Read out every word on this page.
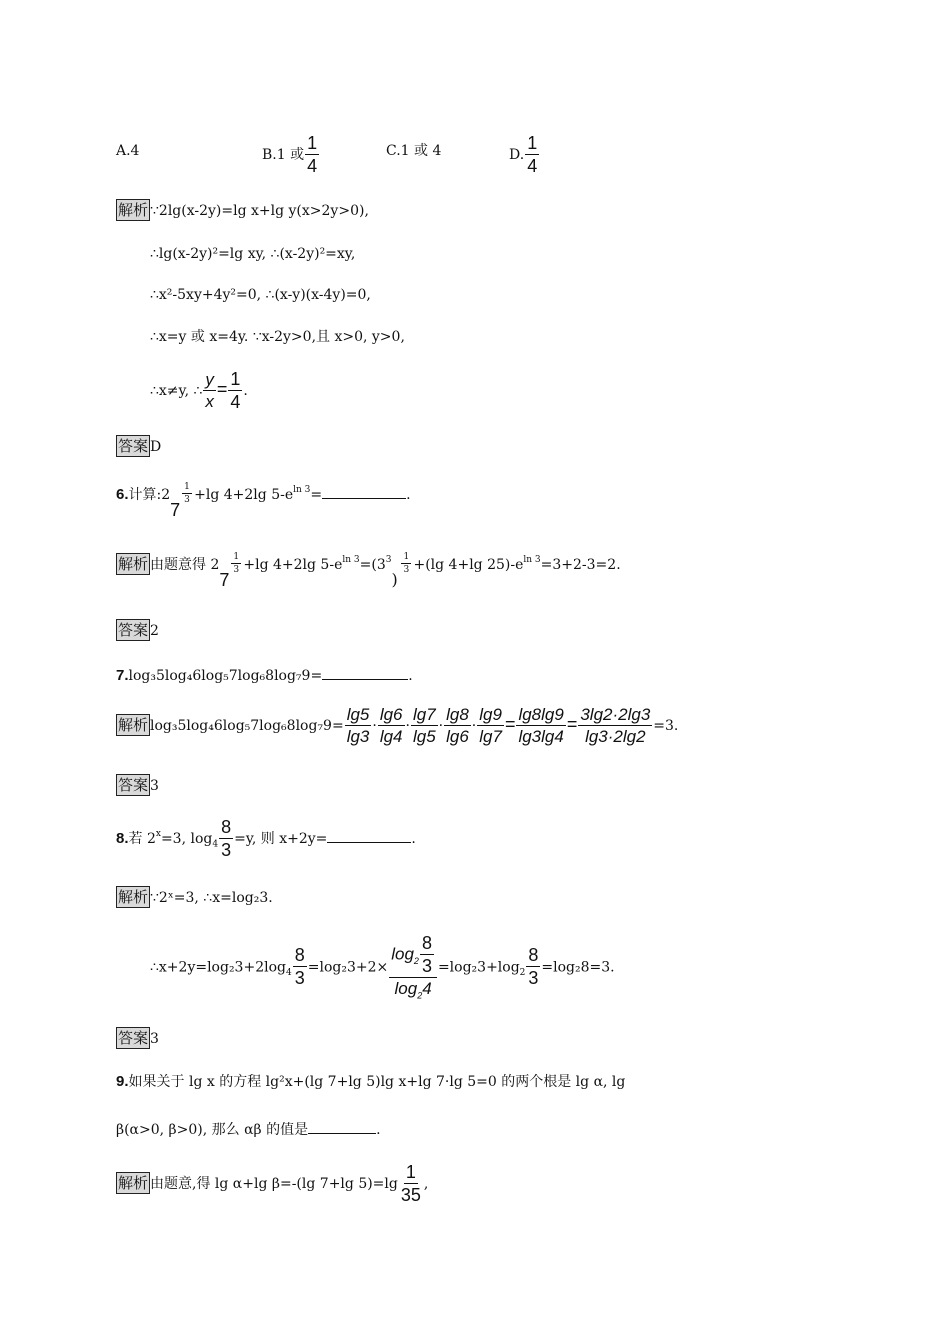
A.4	B.1 或 $\frac{1}{4}$	C.1 或 4	D. $\frac{1}{4}$
解析 ∵2lg(x-2y)=lg x+lg y(x>2y>0),
∴lg(x-2y)²=lg xy, ∴(x-2y)²=xy,
∴x²-5xy+4y²=0, ∴(x-y)(x-4y)=0,
∴x=y 或 x=4y. ∵x-2y>0,且 x>0, y>0,
∴x≠y, ∴ $\frac{y}{x} = \frac{1}{4}$ .
答案 D
6.计算:2
7
$\frac{1}{3} +\lg$ 4+2lg $5-e^{ln 3}=$	.
解析 由题意得 2
7
$\frac{1}{3} +\lg$ 4+2lg $5-e^{ln 3}=(3^3$
)
$\frac{1}{3} +(\lg$ 4+lg $25)-e^{ln 3}=3+2-3=2$.
答案 2
7.log₃5log₄6log₅7log₆8log₇9=	.
解析 $\log_35\log_46\log_57\log_68\log_79= \frac{\lg 5}{\lg 3} \cdot \frac{\lg 6}{\lg 4} \cdot \frac{\lg 7}{\lg 5} \cdot \frac{\lg 8}{\lg 6} \cdot \frac{\lg 9}{\lg 7} = \frac{\lg 8\lg 9}{\lg 3\lg 4} = \frac{3\lg 2\cdot 2\lg 3}{\lg 3\cdot 2\lg 2} =3$.
答案 3
8.若 $2^x=3$, $\log_4 \frac{8}{3} =y$, 则 x+2y=	.
解析 ∵2ˣ=3, ∴x=log₂3.
$\therefore x+2y=\log_23+2\log_4 \frac{8}{3} =\log_23+2\times \frac{\log_2 \frac{8}{3}}{\log_24} =\log_23+\log_2 \frac{8}{3} =\log_28=3$.
答案 3
9.如果关于 lg x 的方程 lg²x+(lg 7+lg 5)lg x+lg 7·lg 5=0 的两个根是 lg α, lg
β(α>0, β>0), 那么 αβ 的值是	.
解析 由题意,得 lg α+lg β=-(lg 7+lg $5)=\lg \frac{1}{35}$ ,
